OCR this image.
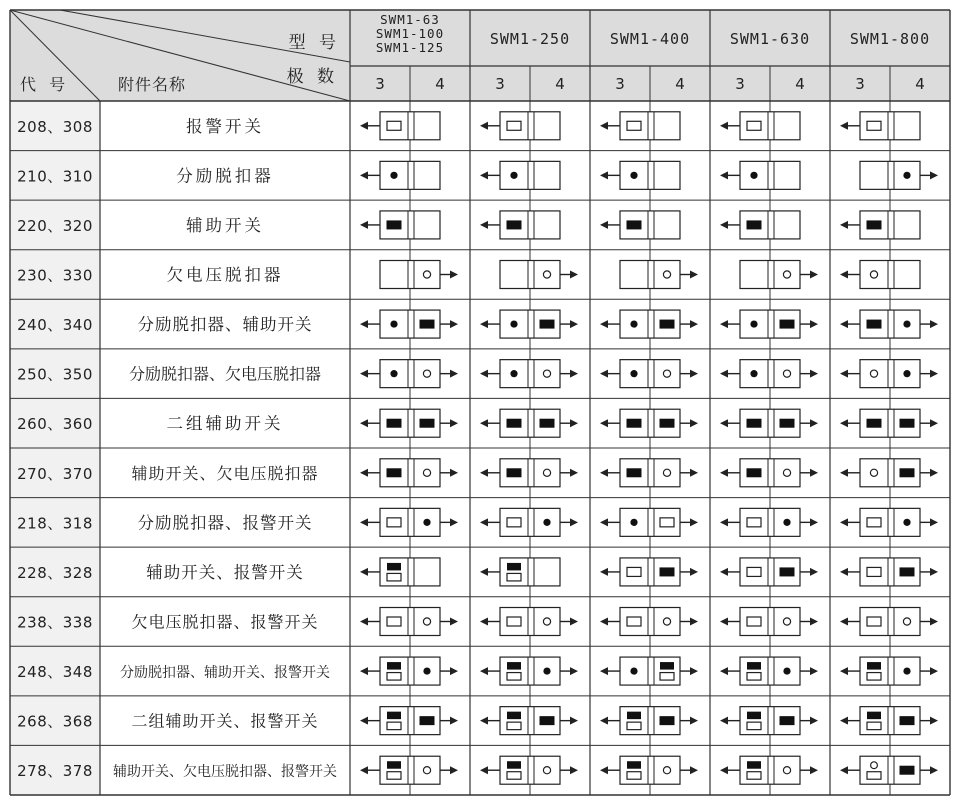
型 号
极 数
代 号	附件名称
SWM1-63
SWM1-100
SWM1-125
3	4
SWM1-250
3	4
SWM1-400
3	4
SWM1-630
3	4
SWM1-800
3	4
208、308	报警开关
210、310	分励脱扣器
220、320	辅助开关
230、330	欠电压脱扣器
240、340	分励脱扣器、辅助开关
250、350 分励脱扣器、欠电压脱扣器
260、360	二组辅助开关
270、370 辅助开关、欠电压脱扣器
218、318	分励脱扣器、报警开关
228、328	辅助开关、报警开关
238、338 欠电压脱扣器、报警开关
248、348 分励脱扣器、辅助开关、报警开关
268、368 二组辅助开关、报警开关
278、378 辅助开关、欠电压脱扣器、报警开关
